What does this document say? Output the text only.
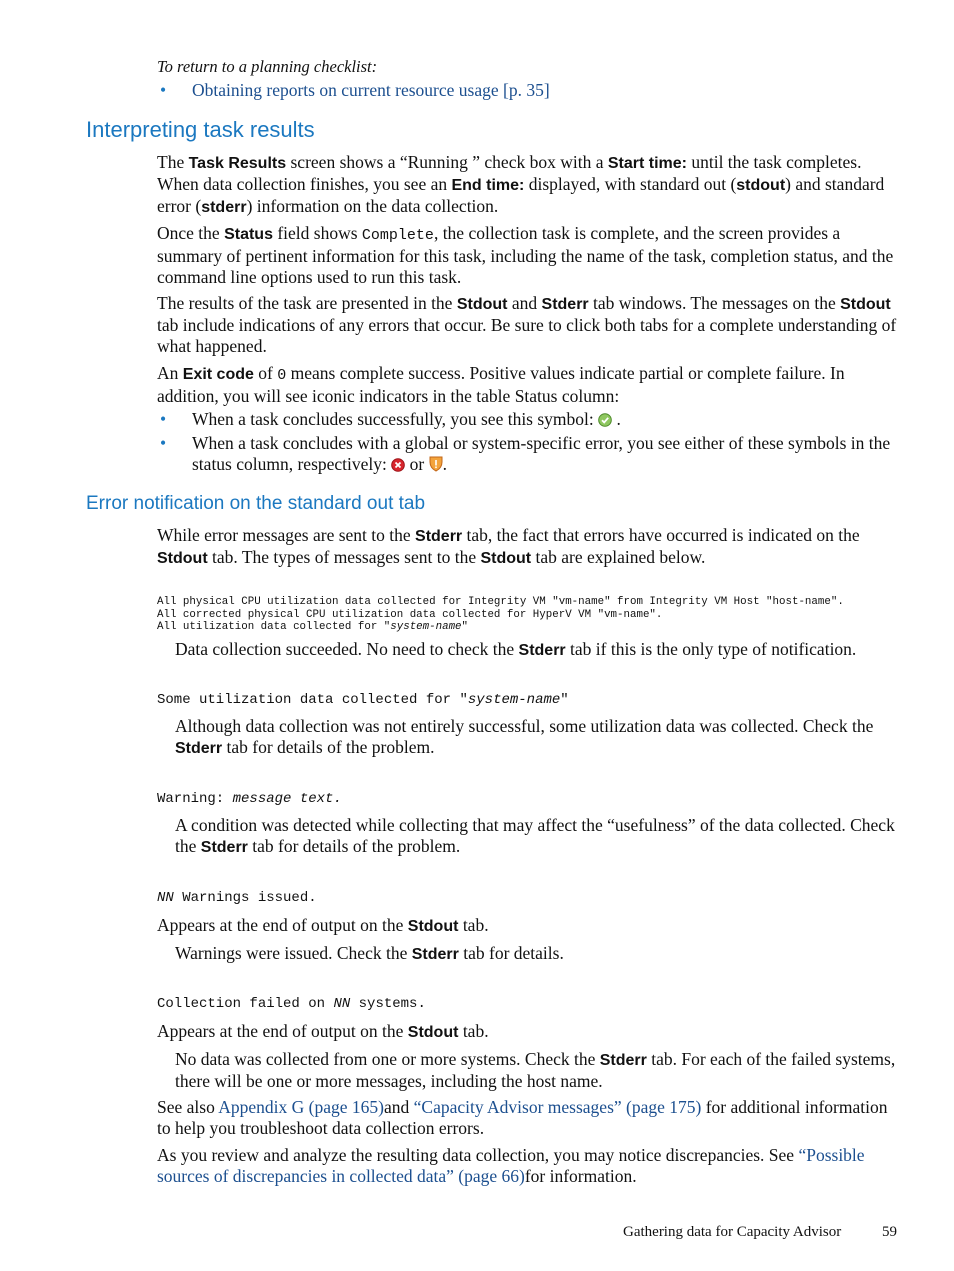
To return to a planning checklist:
• Obtaining reports on current resource usage [p. 35]
Interpreting task results
The Task Results screen shows a “Running ” check box with a Start time: until the task completes. When data collection finishes, you see an End time: displayed, with standard out (stdout) and standard error (stderr) information on the data collection.
Once the Status field shows Complete, the collection task is complete, and the screen provides a summary of pertinent information for this task, including the name of the task, completion status, and the command line options used to run this task.
The results of the task are presented in the Stdout and Stderr tab windows. The messages on the Stdout tab include indications of any errors that occur. Be sure to click both tabs for a complete understanding of what happened.
An Exit code of 0 means complete success. Positive values indicate partial or complete failure. In addition, you will see iconic indicators in the table Status column:
• When a task concludes successfully, you see this symbol: .
• When a task concludes with a global or system-specific error, you see either of these symbols in the status column, respectively: or .
Error notification on the standard out tab
While error messages are sent to the Stderr tab, the fact that errors have occurred is indicated on the Stdout tab. The types of messages sent to the Stdout tab are explained below.
All physical CPU utilization data collected for Integrity VM "vm-name" from Integrity VM Host "host-name".
All corrected physical CPU utilization data collected for HyperV VM "vm-name".
All utilization data collected for "system-name"
Data collection succeeded. No need to check the Stderr tab if this is the only type of notification.
Some utilization data collected for "system-name"
Although data collection was not entirely successful, some utilization data was collected. Check the Stderr tab for details of the problem.
Warning: message text.
A condition was detected while collecting that may affect the “usefulness” of the data collected. Check the Stderr tab for details of the problem.
NN Warnings issued.
Appears at the end of output on the Stdout tab.
Warnings were issued. Check the Stderr tab for details.
Collection failed on NN systems.
Appears at the end of output on the Stdout tab.
No data was collected from one or more systems. Check the Stderr tab. For each of the failed systems, there will be one or more messages, including the host name.
See also Appendix G (page 165)and “Capacity Advisor messages” (page 175) for additional information to help you troubleshoot data collection errors.
As you review and analyze the resulting data collection, you may notice discrepancies. See “Possible sources of discrepancies in collected data” (page 66)for information.
Gathering data for Capacity Advisor	59
